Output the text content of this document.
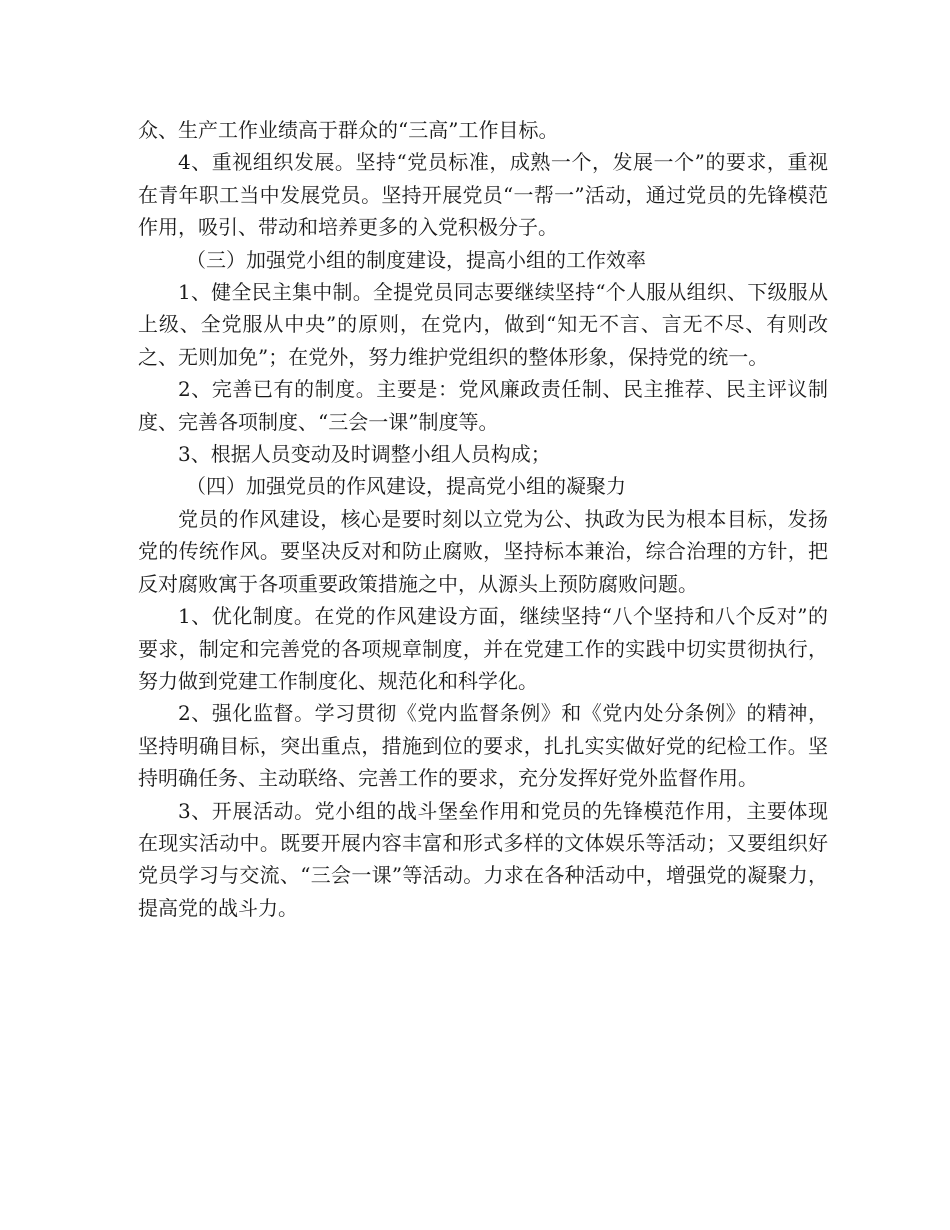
众、生产工作业绩高于群众的“三高”工作目标。

4、重视组织发展。坚持“党员标准，成熟一个，发展一个”的要求，重视在青年职工当中发展党员。坚持开展党员“一帮一”活动，通过党员的先锋模范作用，吸引、带动和培养更多的入党积极分子。

（三）加强党小组的制度建设，提高小组的工作效率

1、健全民主集中制。全提党员同志要继续坚持“个人服从组织、下级服从上级、全党服从中央”的原则，在党内，做到“知无不言、言无不尽、有则改之、无则加免”；在党外，努力维护党组织的整体形象，保持党的统一。

2、完善已有的制度。主要是：党风廉政责任制、民主推荐、民主评议制度、完善各项制度、“三会一课”制度等。

3、根据人员变动及时调整小组人员构成；

（四）加强党员的作风建设，提高党小组的凝聚力

党员的作风建设，核心是要时刻以立党为公、执政为民为根本目标，发扬党的传统作风。要坚决反对和防止腐败，坚持标本兼治，综合治理的方针，把反对腐败寓于各项重要政策措施之中，从源头上预防腐败问题。

1、优化制度。在党的作风建设方面，继续坚持“八个坚持和八个反对”的要求，制定和完善党的各项规章制度，并在党建工作的实践中切实贯彻执行，努力做到党建工作制度化、规范化和科学化。

2、强化监督。学习贯彻《党内监督条例》和《党内处分条例》的精神，坚持明确目标，突出重点，措施到位的要求，扎扎实实做好党的纪检工作。坚持明确任务、主动联络、完善工作的要求，充分发挥好党外监督作用。

3、开展活动。党小组的战斗堡垒作用和党员的先锋模范作用，主要体现在现实活动中。既要开展内容丰富和形式多样的文体娱乐等活动；又要组织好党员学习与交流、“三会一课”等活动。力求在各种活动中，增强党的凝聚力，提高党的战斗力。
